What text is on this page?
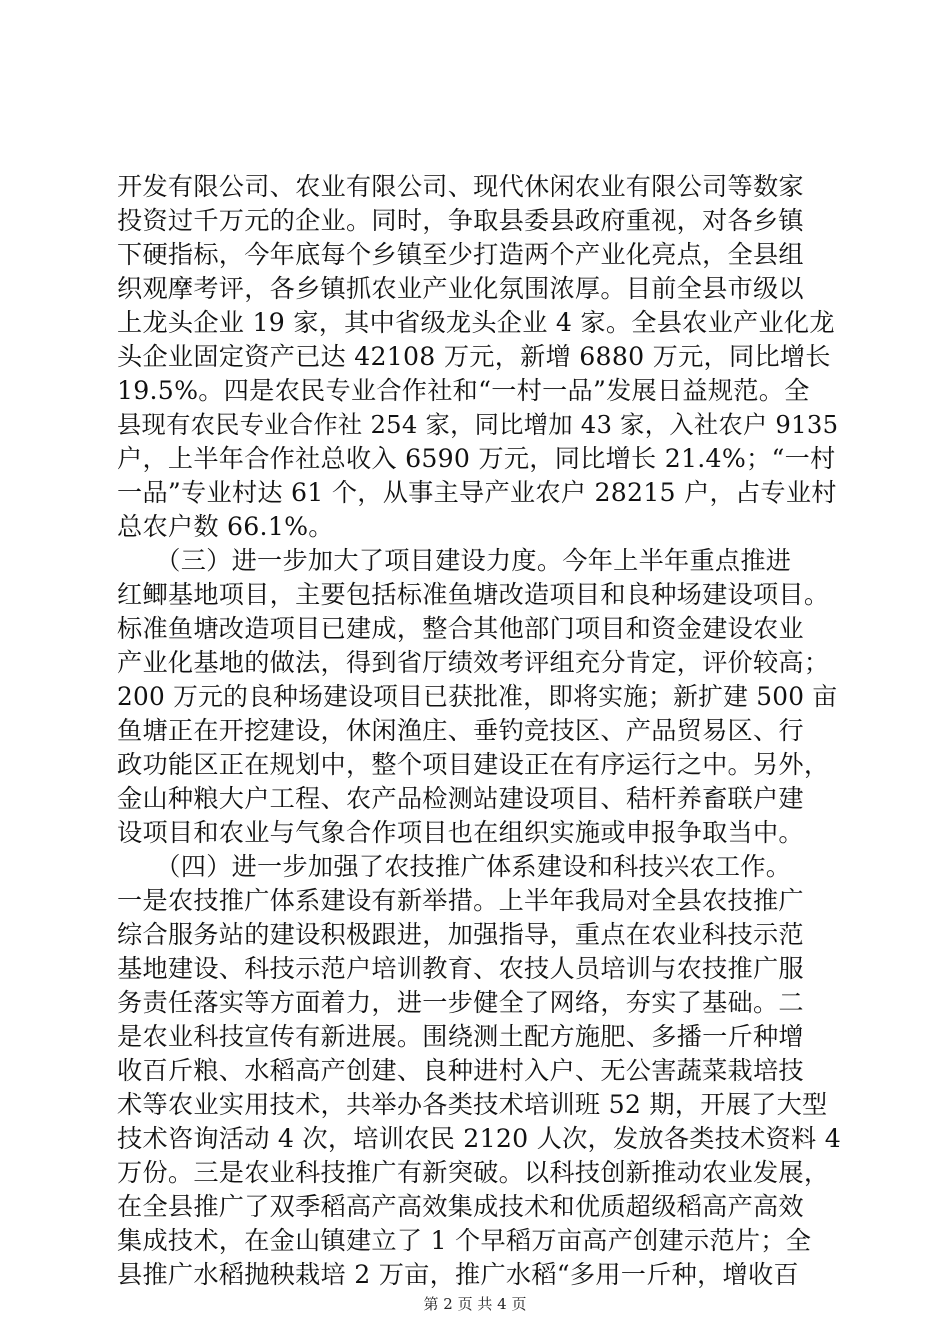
开发有限公司、农业有限公司、现代休闲农业有限公司等数家
投资过千万元的企业。同时，争取县委县政府重视，对各乡镇
下硬指标，今年底每个乡镇至少打造两个产业化亮点，全县组
织观摩考评，各乡镇抓农业产业化氛围浓厚。目前全县市级以
上龙头企业 19 家，其中省级龙头企业 4 家。全县农业产业化龙
头企业固定资产已达 42108 万元，新增 6880 万元，同比增长
19.5%。四是农民专业合作社和“一村一品”发展日益规范。全
县现有农民专业合作社 254 家，同比增加 43 家，入社农户 9135
户，上半年合作社总收入 6590 万元，同比增长 21.4%；“一村
一品”专业村达 61 个，从事主导产业农户 28215 户，占专业村
总农户数 66.1%。
　　（三）进一步加大了项目建设力度。今年上半年重点推进
红鲫基地项目，主要包括标准鱼塘改造项目和良种场建设项目。
标准鱼塘改造项目已建成，整合其他部门项目和资金建设农业
产业化基地的做法，得到省厅绩效考评组充分肯定，评价较高；
200 万元的良种场建设项目已获批准，即将实施；新扩建 500 亩
鱼塘正在开挖建设，休闲渔庄、垂钓竞技区、产品贸易区、行
政功能区正在规划中，整个项目建设正在有序运行之中。另外，
金山种粮大户工程、农产品检测站建设项目、秸杆养畜联户建
设项目和农业与气象合作项目也在组织实施或申报争取当中。
　　（四）进一步加强了农技推广体系建设和科技兴农工作。
一是农技推广体系建设有新举措。上半年我局对全县农技推广
综合服务站的建设积极跟进，加强指导，重点在农业科技示范
基地建设、科技示范户培训教育、农技人员培训与农技推广服
务责任落实等方面着力，进一步健全了网络，夯实了基础。二
是农业科技宣传有新进展。围绕测土配方施肥、多播一斤种增
收百斤粮、水稻高产创建、良种进村入户、无公害蔬菜栽培技
术等农业实用技术，共举办各类技术培训班 52 期，开展了大型
技术咨询活动 4 次，培训农民 2120 人次，发放各类技术资料 4
万份。三是农业科技推广有新突破。以科技创新推动农业发展，
在全县推广了双季稻高产高效集成技术和优质超级稻高产高效
集成技术，在金山镇建立了 1 个早稻万亩高产创建示范片；全
县推广水稻抛秧栽培 2 万亩，推广水稻“多用一斤种，增收百
第 2 页 共 4 页
